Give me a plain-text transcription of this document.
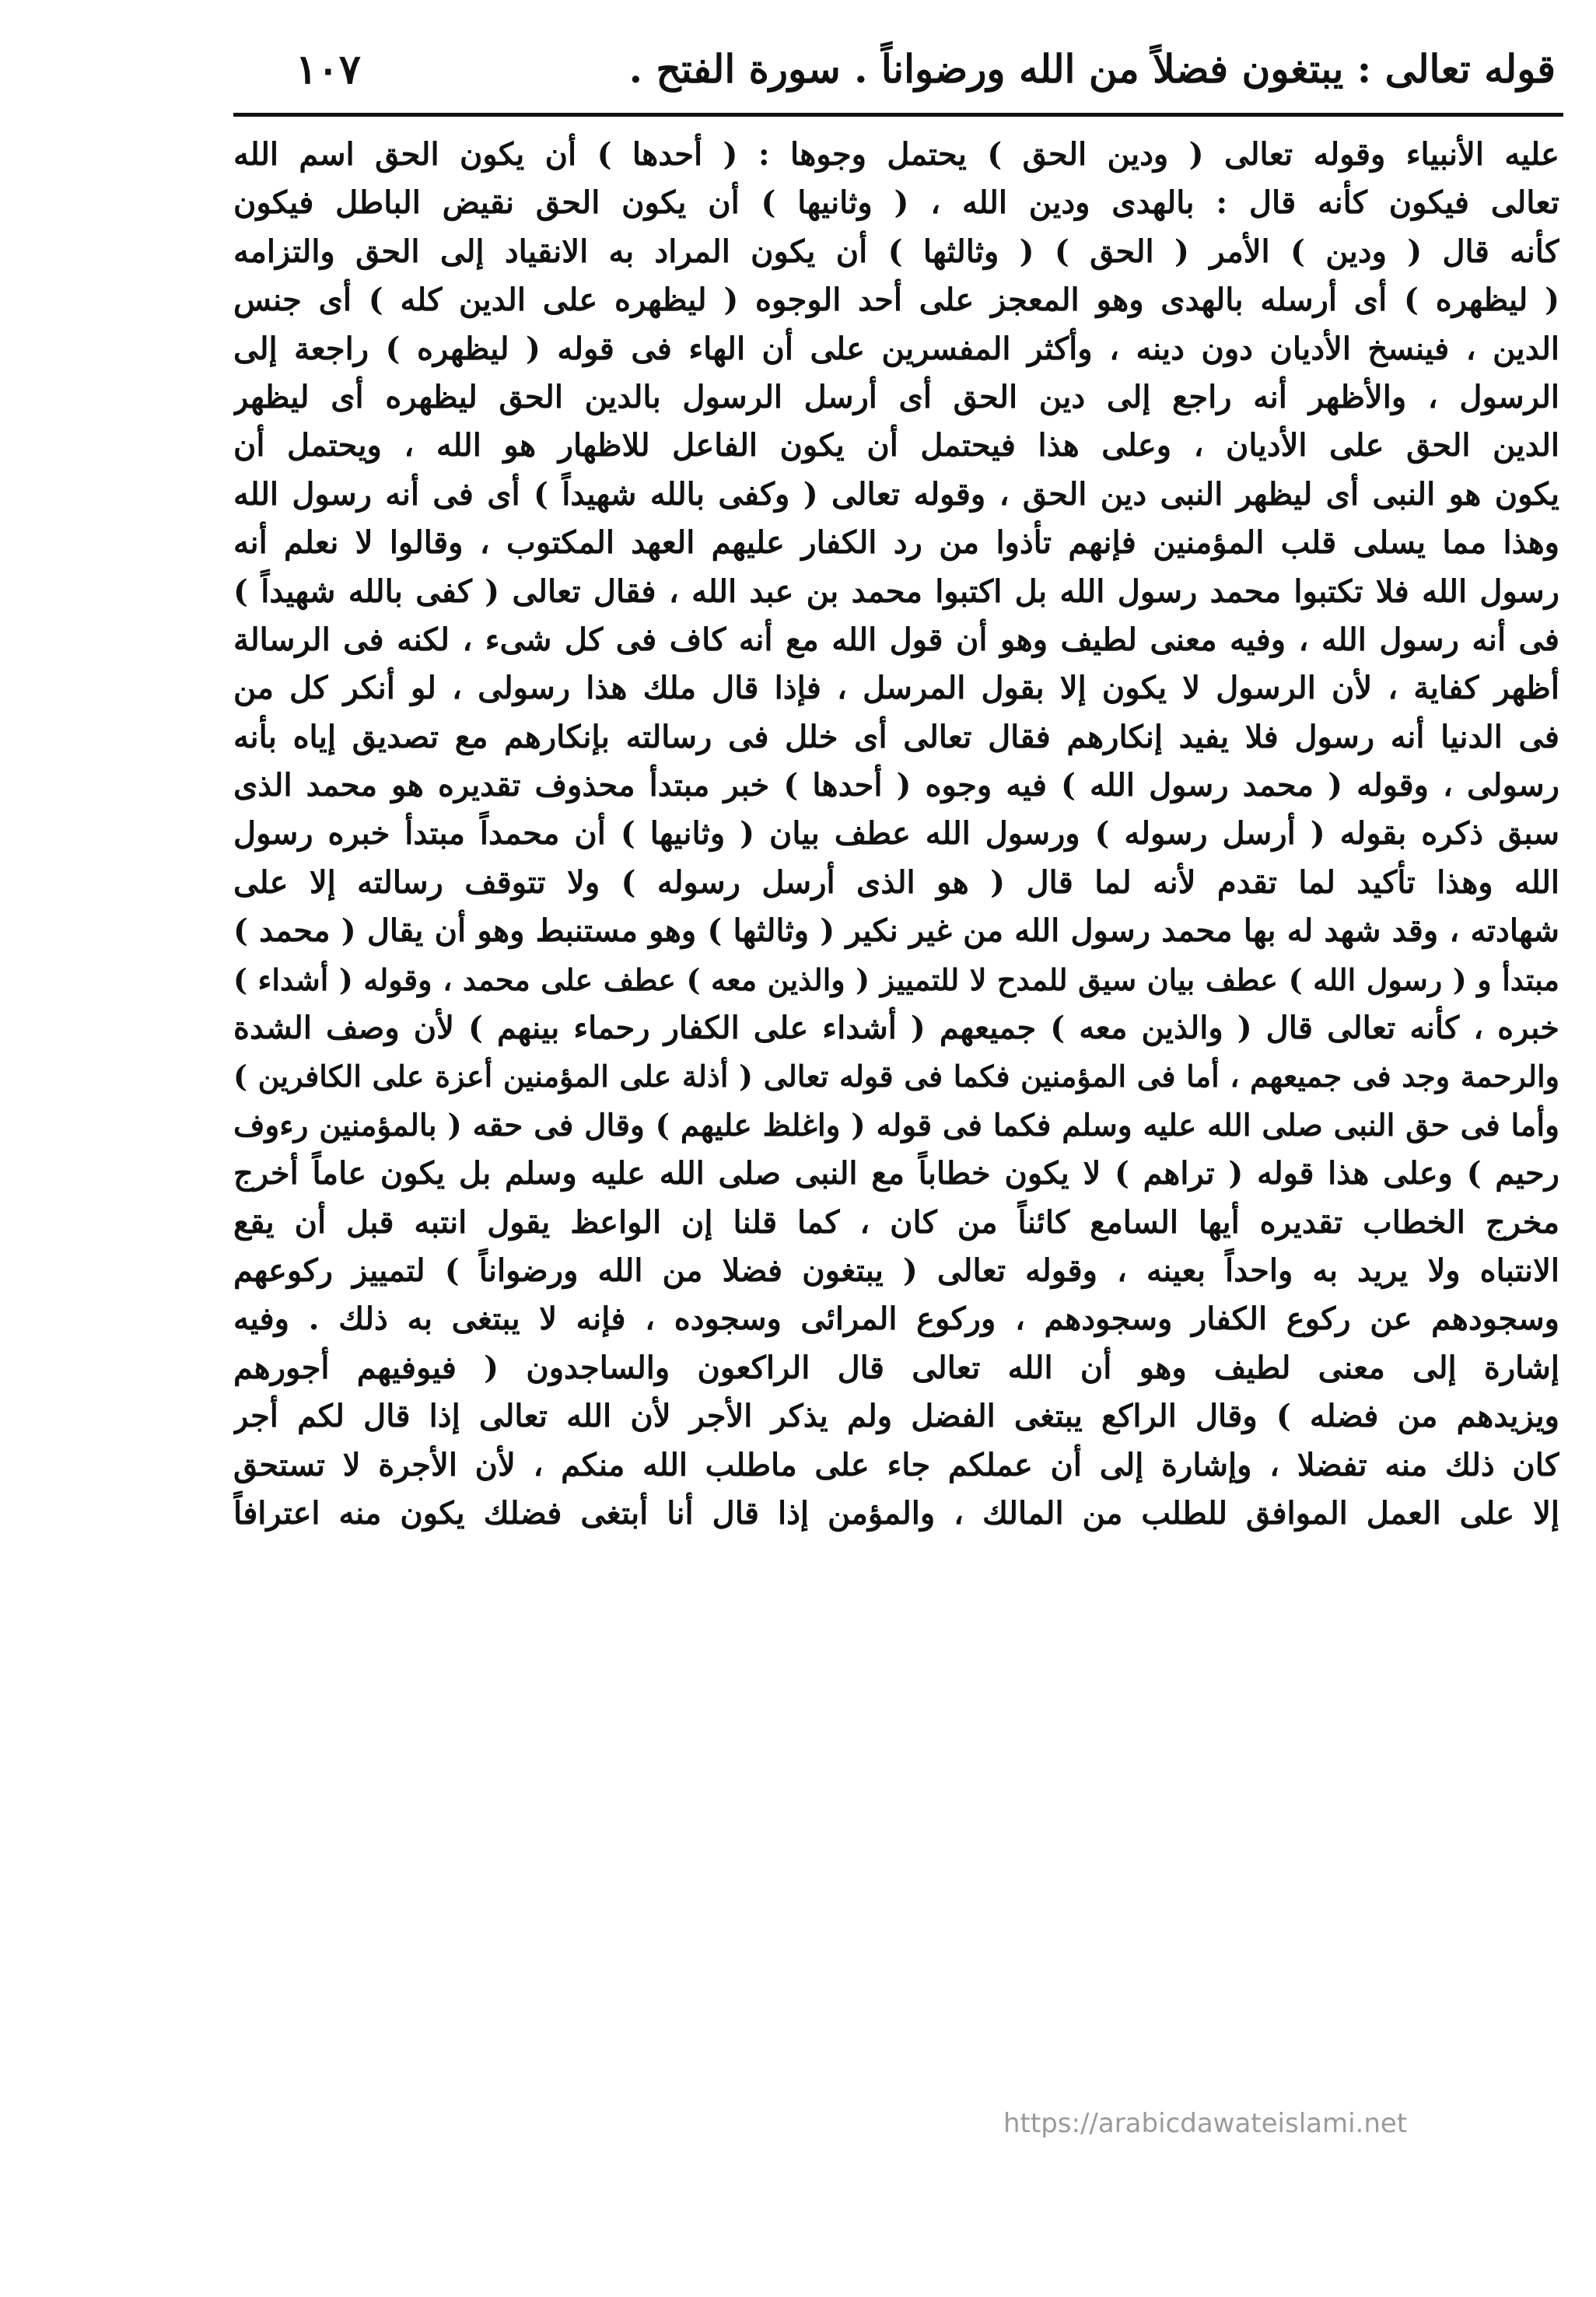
قوله تعالى : يبتغون فضلاً من الله ورضواناً . سورة الفتح .
١٠٧
عليه الأنبياء وقوله تعالى ( ودين الحق ) يحتمل وجوها : ( أحدها ) أن يكون الحق اسم الله
تعالى فيكون كأنه قال : بالهدى ودين الله ، ( وثانيها ) أن يكون الحق نقيض الباطل فيكون
كأنه قال ( ودين ) الأمر ( الحق ) ( وثالثها ) أن يكون المراد به الانقياد إلى الحق والتزامه
( ليظهره ) أى أرسله بالهدى وهو المعجز على أحد الوجوه ( ليظهره على الدين كله ) أى جنس
الدين ، فينسخ الأديان دون دينه ، وأكثر المفسرين على أن الهاء فى قوله ( ليظهره ) راجعة إلى
الرسول ، والأظهر أنه راجع إلى دين الحق أى أرسل الرسول بالدين الحق ليظهره أى ليظهر
الدين الحق على الأديان ، وعلى هذا فيحتمل أن يكون الفاعل للاظهار هو الله ، ويحتمل أن
يكون هو النبى أى ليظهر النبى دين الحق ، وقوله تعالى ( وكفى بالله شهيداً ) أى فى أنه رسول الله
وهذا مما يسلى قلب المؤمنين فإنهم تأذوا من رد الكفار عليهم العهد المكتوب ، وقالوا لا نعلم أنه
رسول الله فلا تكتبوا محمد رسول الله بل اكتبوا محمد بن عبد الله ، فقال تعالى ( كفى بالله شهيداً )
فى أنه رسول الله ، وفيه معنى لطيف وهو أن قول الله مع أنه كاف فى كل شىء ، لكنه فى الرسالة
أظهر كفاية ، لأن الرسول لا يكون إلا بقول المرسل ، فإذا قال ملك هذا رسولى ، لو أنكر كل من
فى الدنيا أنه رسول فلا يفيد إنكارهم فقال تعالى أى خلل فى رسالته بإنكارهم مع تصديق إياه بأنه
رسولى ، وقوله ( محمد رسول الله ) فيه وجوه ( أحدها ) خبر مبتدأ محذوف تقديره هو محمد الذى
سبق ذكره بقوله ( أرسل رسوله ) ورسول الله عطف بيان ( وثانيها ) أن محمداً مبتدأ خبره رسول
الله وهذا تأكيد لما تقدم لأنه لما قال ( هو الذى أرسل رسوله ) ولا تتوقف رسالته إلا على
شهادته ، وقد شهد له بها محمد رسول الله من غير نكير ( وثالثها ) وهو مستنبط وهو أن يقال ( محمد )
مبتدأ و ( رسول الله ) عطف بيان سيق للمدح لا للتمييز ( والذين معه ) عطف على محمد ، وقوله ( أشداء )
خبره ، كأنه تعالى قال ( والذين معه ) جميعهم ( أشداء على الكفار رحماء بينهم ) لأن وصف الشدة
والرحمة وجد فى جميعهم ، أما فى المؤمنين فكما فى قوله تعالى ( أذلة على المؤمنين أعزة على الكافرين )
وأما فى حق النبى صلى الله عليه وسلم فكما فى قوله ( واغلظ عليهم ) وقال فى حقه ( بالمؤمنين رءوف
رحيم ) وعلى هذا قوله ( تراهم ) لا يكون خطاباً مع النبى صلى الله عليه وسلم بل يكون عاماً أخرج
مخرج الخطاب تقديره أيها السامع كائناً من كان ، كما قلنا إن الواعظ يقول انتبه قبل أن يقع
الانتباه ولا يريد به واحداً بعينه ، وقوله تعالى ( يبتغون فضلا من الله ورضواناً ) لتمييز ركوعهم
وسجودهم عن ركوع الكفار وسجودهم ، وركوع المرائى وسجوده ، فإنه لا يبتغى به ذلك . وفيه
إشارة إلى معنى لطيف وهو أن الله تعالى قال الراكعون والساجدون ( فيوفيهم أجورهم
ويزيدهم من فضله ) وقال الراكع يبتغى الفضل ولم يذكر الأجر لأن الله تعالى إذا قال لكم أجر
كان ذلك منه تفضلا ، وإشارة إلى أن عملكم جاء على ماطلب الله منكم ، لأن الأجرة لا تستحق
إلا على العمل الموافق للطلب من المالك ، والمؤمن إذا قال أنا أبتغى فضلك يكون منه اعترافاً
https://arabicdawateislami.net
